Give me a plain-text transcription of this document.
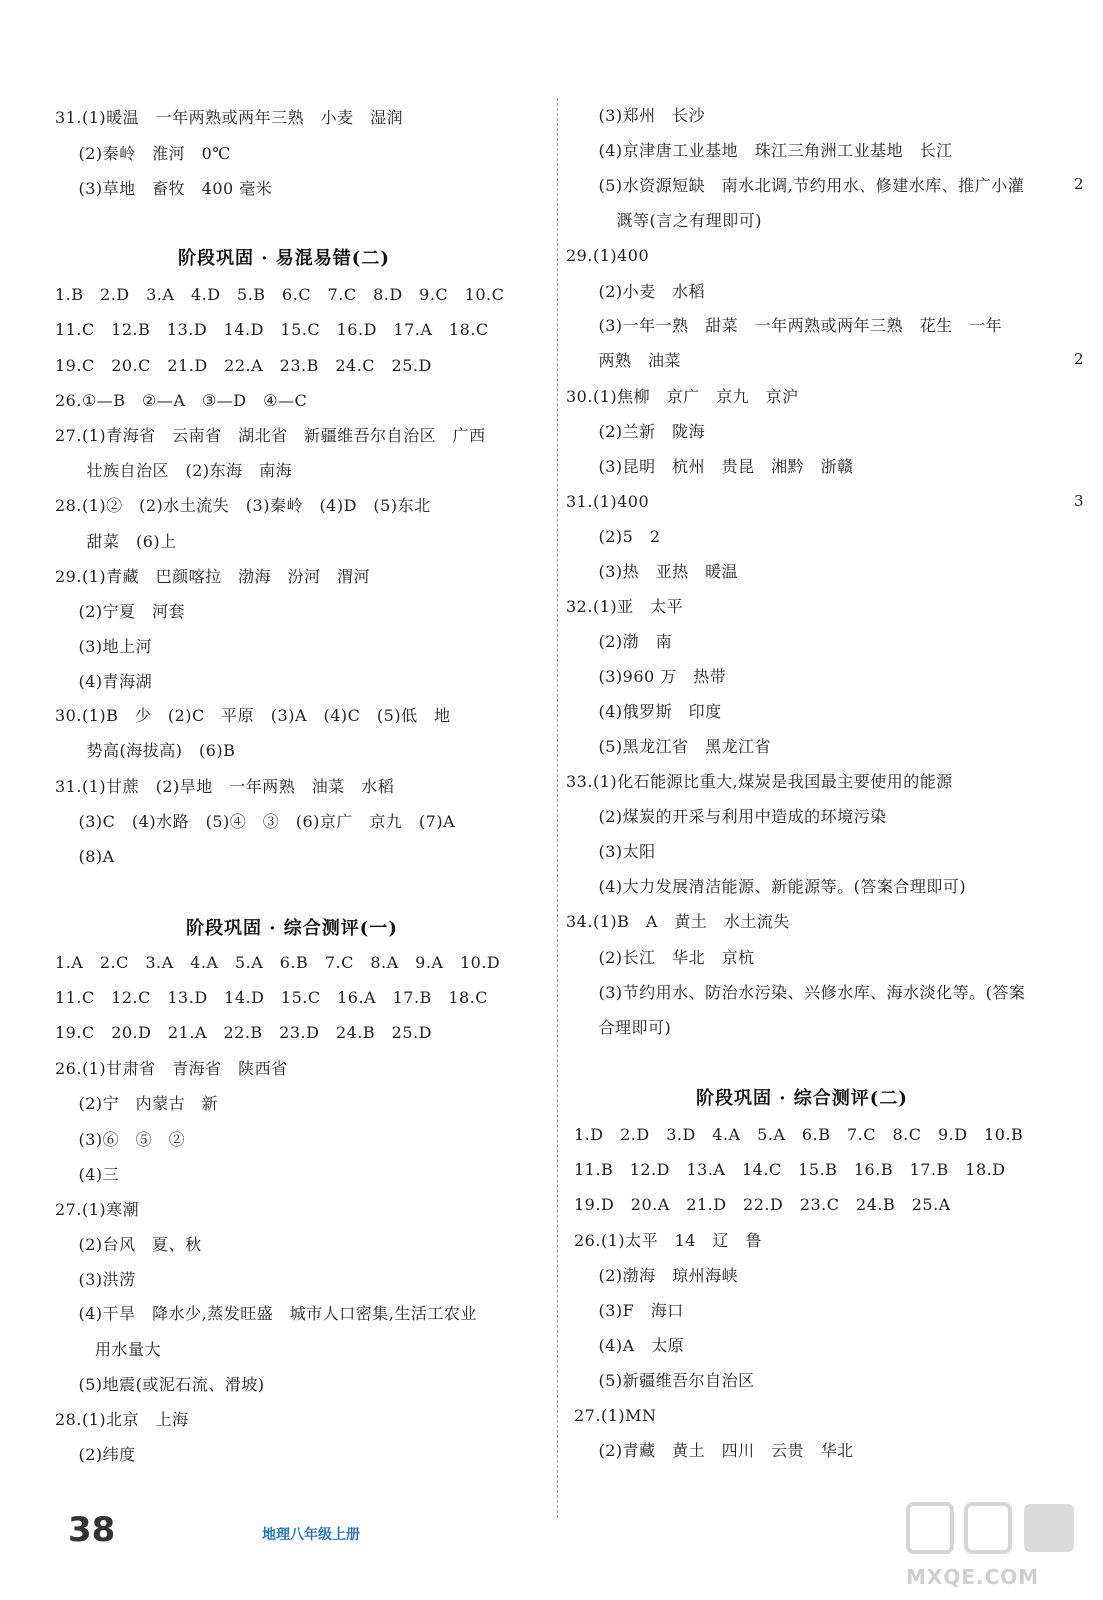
31.(1)暖温　一年两熟或两年三熟　小麦　湿润
　(2)秦岭　淮河　0℃
　(3)草地　畜牧　400 毫米
阶段巩固 · 易混易错(二)
1.B　2.D　3.A　4.D　5.B　6.C　7.C　8.D　9.C　10.C
11.C　12.B　13.D　14.D　15.C　16.D　17.A　18.C
19.C　20.C　21.D　22.A　23.B　24.C　25.D
26.①—B　②—A　③—D　④—C
27.(1)青海省　云南省　湖北省　新疆维吾尔自治区　广西
　壮族自治区　(2)东海　南海
28.(1)②　(2)水土流失　(3)秦岭　(4)D　(5)东北
　甜菜　(6)上
29.(1)青藏　巴颜喀拉　渤海　汾河　渭河
　(2)宁夏　河套
　(3)地上河
　(4)青海湖
30.(1)B　少　(2)C　平原　(3)A　(4)C　(5)低　地
　势高(海拔高)　(6)B
31.(1)甘蔗　(2)旱地　一年两熟　油菜　水稻
　(3)C　(4)水路　(5)④　③　(6)京广　京九　(7)A
　(8)A
阶段巩固 · 综合测评(一)
1.A　2.C　3.A　4.A　5.A　6.B　7.C　8.A　9.A　10.D
11.C　12.C　13.D　14.D　15.C　16.A　17.B　18.C
19.C　20.D　21.A　22.B　23.D　24.B　25.D
26.(1)甘肃省　青海省　陕西省
　(2)宁　内蒙古　新
　(3)⑥　⑤　②
　(4)三
27.(1)寒潮
　(2)台风　夏、秋
　(3)洪涝
　(4)干旱　降水少,蒸发旺盛　城市人口密集,生活工农业
　　用水量大
　(5)地震(或泥石流、滑坡)
28.(1)北京　上海
　(2)纬度
　(3)郑州　长沙
　(4)京津唐工业基地　珠江三角洲工业基地　长江
　(5)水资源短缺　南水北调,节约用水、修建水库、推广小灌
　溉等(言之有理即可)
29.(1)400
　(2)小麦　水稻
　(3)一年一熟　甜菜　一年两熟或两年三熟　花生　一年
　两熟　油菜
30.(1)焦柳　京广　京九　京沪
　(2)兰新　陇海
　(3)昆明　杭州　贵昆　湘黔　浙赣
31.(1)400
　(2)5　2
　(3)热　亚热　暖温
32.(1)亚　太平
　(2)渤　南
　(3)960 万　热带
　(4)俄罗斯　印度
　(5)黑龙江省　黑龙江省
33.(1)化石能源比重大,煤炭是我国最主要使用的能源
　(2)煤炭的开采与利用中造成的环境污染
　(3)太阳
　(4)大力发展清洁能源、新能源等。(答案合理即可)
34.(1)B　A　黄土　水土流失
　(2)长江　华北　京杭
　(3)节约用水、防治水污染、兴修水库、海水淡化等。(答案
　合理即可)
阶段巩固 · 综合测评(二)
1.D　2.D　3.D　4.A　5.A　6.B　7.C　8.C　9.D　10.B
11.B　12.D　13.A　14.C　15.B　16.B　17.B　18.D
19.D　20.A　21.D　22.D　23.C　24.B　25.A
26.(1)太平　14　辽　鲁
　(2)渤海　琼州海峡
　(3)F　海口
　(4)A　太原
　(5)新疆维吾尔自治区
27.(1)MN
　(2)青藏　黄土　四川　云贵　华北
2
2
3
38	地理八年级上册
MXQE.COM
